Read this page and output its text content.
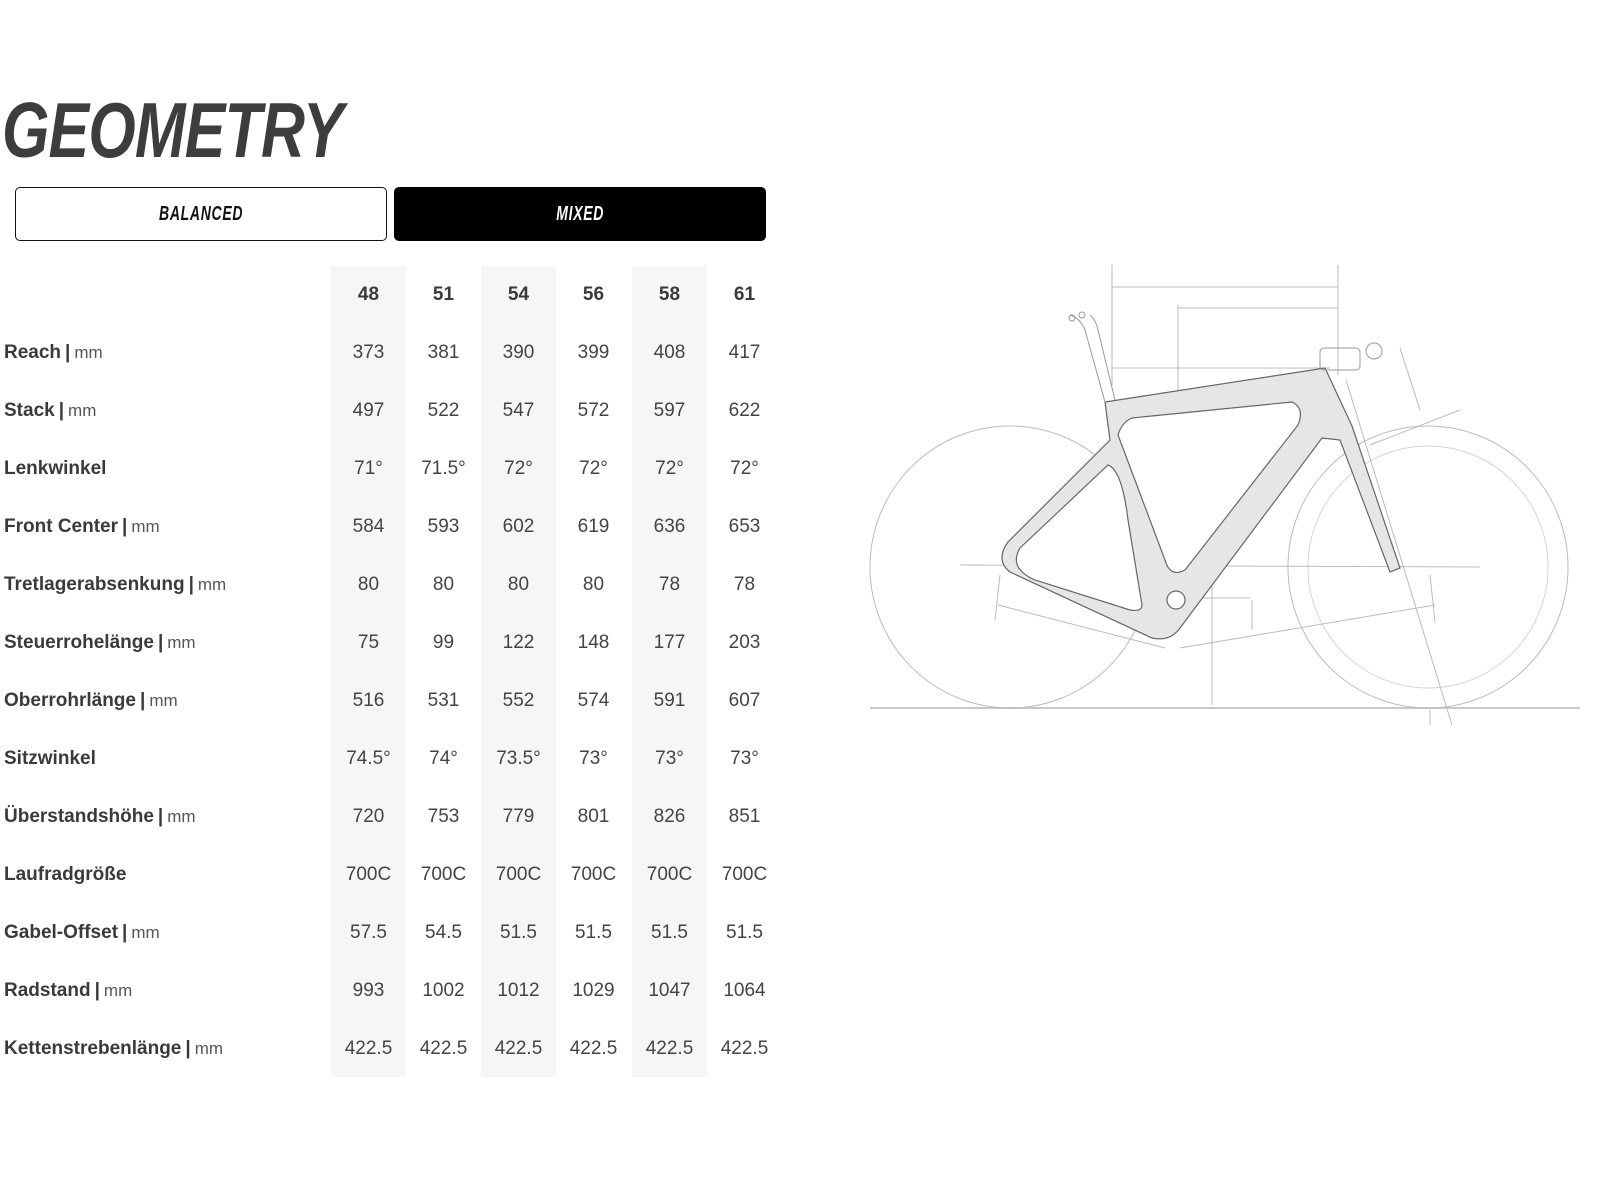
GEOMETRY
BALANCED	MIXED
48	51	54	56	58	61
Reach | mm	373	381	390	399	408	417
Stack | mm	497	522	547	572	597	622
Lenkwinkel	71°	71.5°	72°	72°	72°	72°
Front Center | mm	584	593	602	619	636	653
Tretlagerabsenkung | mm	80	80	80	80	78	78
Steuerrohelänge | mm	75	99	122	148	177	203
Oberrohrlänge | mm	516	531	552	574	591	607
Sitzwinkel	74.5°	74°	73.5°	73°	73°	73°
Überstandshöhe | mm	720	753	779	801	826	851
Laufradgröße	700C	700C	700C	700C	700C	700C
Gabel-Offset | mm	57.5	54.5	51.5	51.5	51.5	51.5
Radstand | mm	993	1002	1012	1029	1047	1064
Kettenstrebenlänge | mm	422.5	422.5	422.5	422.5	422.5	422.5
